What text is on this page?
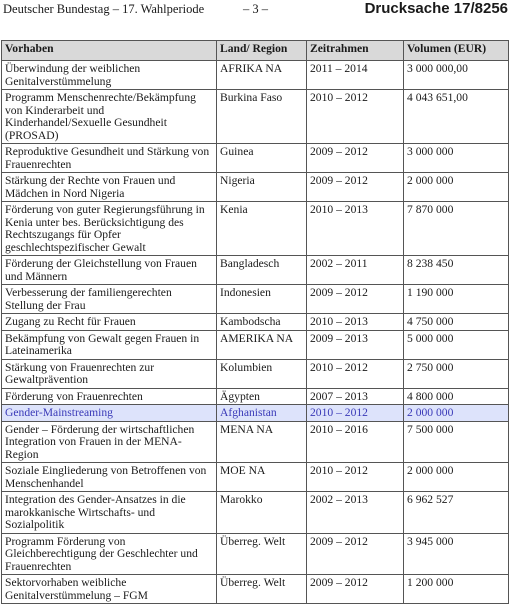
Deutscher Bundestag – 17. Wahlperiode	– 3 –	Drucksache 17/8256
Vorhaben	Land/ Region	Zeitrahmen	Volumen (EUR)
Überwindung der weiblichen Genitalverstümmelung	AFRIKA NA	2011 – 2014	3 000 000,00
Programm Menschenrechte/Bekämpfung von Kinderarbeit und Kinderhandel/Sexuelle Gesundheit (PROSAD)	Burkina Faso	2010 – 2012	4 043 651,00
Reproduktive Gesundheit und Stärkung von Frauenrechten	Guinea	2009 – 2012	3 000 000
Stärkung der Rechte von Frauen und Mädchen in Nord Nigeria	Nigeria	2009 – 2012	2 000 000
Förderung von guter Regierungsführung in Kenia unter bes. Berücksichtigung des Rechtszugangs für Opfer geschlechtspezifischer Gewalt	Kenia	2010 – 2013	7 870 000
Förderung der Gleichstellung von Frauen und Männern	Bangladesch	2002 – 2011	8 238 450
Verbesserung der familiengerechten Stellung der Frau	Indonesien	2009 – 2012	1 190 000
Zugang zu Recht für Frauen	Kambodscha	2010 – 2013	4 750 000
Bekämpfung von Gewalt gegen Frauen in Lateinamerika	AMERIKA NA	2009 – 2013	5 000 000
Stärkung von Frauenrechten zur Gewaltprävention	Kolumbien	2010 – 2012	2 750 000
Förderung von Frauenrechten	Ägypten	2007 – 2013	4 800 000
Gender-Mainstreaming	Afghanistan	2010 – 2012	2 000 000
Gender – Förderung der wirtschaftlichen Integration von Frauen in der MENA-Region	MENA NA	2010 – 2016	7 500 000
Soziale Eingliederung von Betroffenen von Menschenhandel	MOE NA	2010 – 2012	2 000 000
Integration des Gender-Ansatzes in die marokkanische Wirtschafts- und Sozialpolitik	Marokko	2002 – 2013	6 962 527
Programm Förderung von Gleichberechtigung der Geschlechter und Frauenrechten	Überreg. Welt	2009 – 2012	3 945 000
Sektorvorhaben weibliche Genitalverstümmelung – FGM	Überreg. Welt	2009 – 2012	1 200 000
